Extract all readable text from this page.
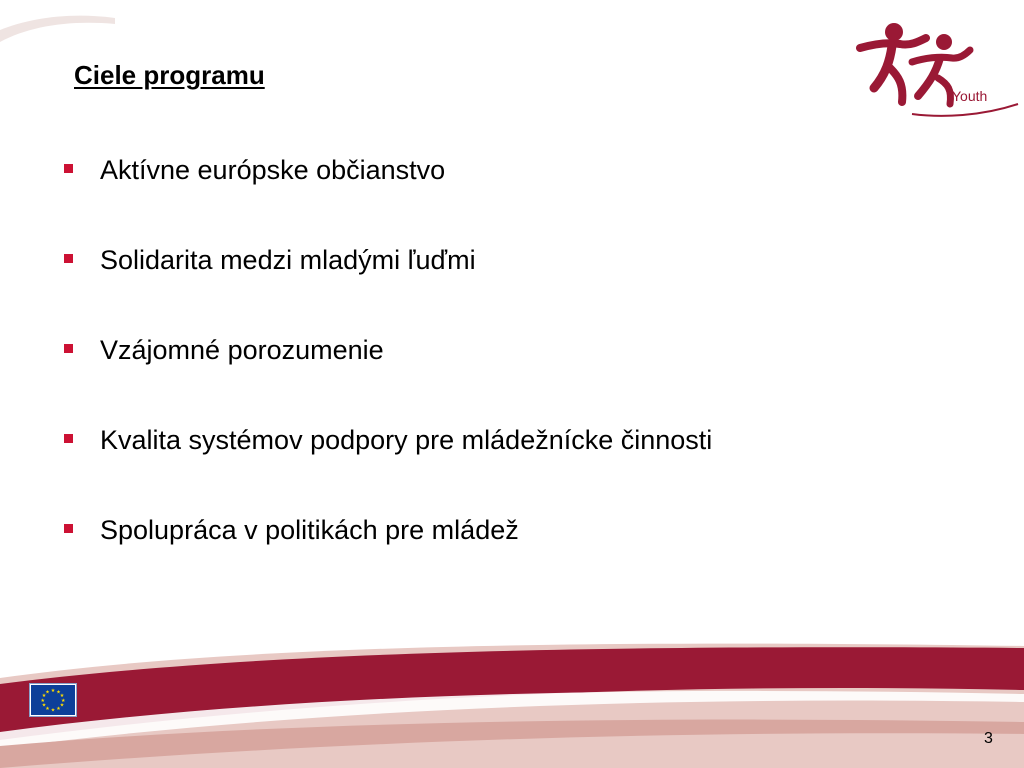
Youth
Ciele programu
Aktívne európske občianstvo
Solidarita medzi mladými ľuďmi
Vzájomné porozumenie
Kvalita systémov podpory pre mládežnícke činnosti
Spolupráca v politikách pre mládež
★ ★
★
★
★
★
★
★
★
★
★
★
3
